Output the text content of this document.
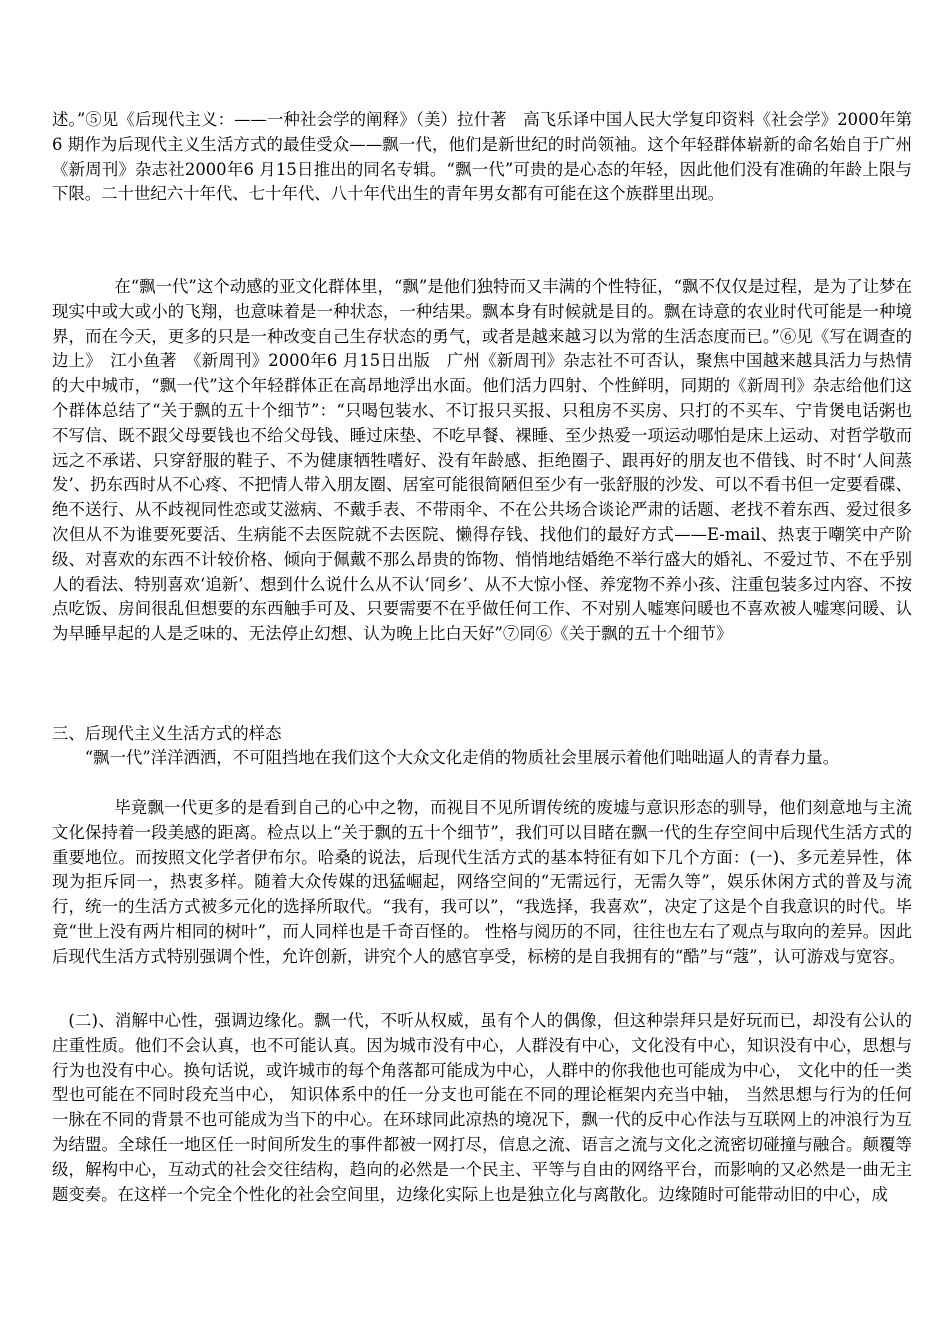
述。”⑤见《后现代主义：——一种社会学的阐释》（美）拉什著　高飞乐译中国人民大学复印资料《社会学》2000年第6 期作为后现代主义生活方式的最佳受众——飘一代，他们是新世纪的时尚领袖。这个年轻群体崭新的命名始自于广州《新周刊》杂志社2000年6 月15日推出的同名专辑。“飘一代”可贵的是心态的年轻，因此他们没有准确的年龄上限与下限。二十世纪六十年代、七十年代、八十年代出生的青年男女都有可能在这个族群里出现。

在“飘一代”这个动感的亚文化群体里，“飘”是他们独特而又丰满的个性特征，“飘不仅仅是过程，是为了让梦在现实中或大或小的飞翔，也意味着是一种状态，一种结果。飘本身有时候就是目的。飘在诗意的农业时代可能是一种境界，而在今天，更多的只是一种改变自己生存状态的勇气，或者是越来越习以为常的生活态度而已。”⑥见《写在调查的边上》　江小鱼著　《新周刊》2000年6 月15日出版　广州《新周刊》杂志社不可否认，聚焦中国越来越具活力与热情的大中城市，“飘一代”这个年轻群体正在高昂地浮出水面。他们活力四射、个性鲜明，同期的《新周刊》杂志给他们这个群体总结了“关于飘的五十个细节”：“只喝包装水、不订报只买报、只租房不买房、只打的不买车、宁肯煲电话粥也不写信、既不跟父母要钱也不给父母钱、睡过床垫、不吃早餐、裸睡、至少热爱一项运动哪怕是床上运动、对哲学敬而远之不承诺、只穿舒服的鞋子、不为健康牺牲嗜好、没有年龄感、拒绝圈子、跟再好的朋友也不借钱、时不时‘人间蒸发’、扔东西时从不心疼、不把情人带入朋友圈、居室可能很简陋但至少有一张舒服的沙发、可以不看书但一定要看碟、绝不送行、从不歧视同性恋或艾滋病、不戴手表、不带雨伞、不在公共场合谈论严肃的话题、老找不着东西、爱过很多次但从不为谁要死要活、生病能不去医院就不去医院、懒得存钱、找他们的最好方式——E-mail、热衷于嘲笑中产阶级、对喜欢的东西不计较价格、倾向于佩戴不那么昂贵的饰物、悄悄地结婚绝不举行盛大的婚礼、不爱过节、不在乎别人的看法、特别喜欢‘追新’、想到什么说什么从不认‘同乡’、从不大惊小怪、养宠物不养小孩、注重包装多过内容、不按点吃饭、房间很乱但想要的东西触手可及、只要需要不在乎做任何工作、不对别人嘘寒问暖也不喜欢被人嘘寒问暖、认为早睡早起的人是乏味的、无法停止幻想、认为晚上比白天好”⑦同⑥《关于飘的五十个细节》

三、后现代主义生活方式的样态

“飘一代”洋洋洒洒，不可阻挡地在我们这个大众文化走俏的物质社会里展示着他们咄咄逼人的青春力量。

毕竟飘一代更多的是看到自己的心中之物，而视目不见所谓传统的废墟与意识形态的驯导，他们刻意地与主流文化保持着一段美感的距离。检点以上“关于飘的五十个细节”，我们可以目睹在飘一代的生存空间中后现代生活方式的重要地位。而按照文化学者伊布尔。哈桑的说法，后现代生活方式的基本特征有如下几个方面：(一)、多元差异性，体现为拒斥同一，热衷多样。随着大众传媒的迅猛崛起，网络空间的“无需远行，无需久等”，娱乐休闲方式的普及与流行，统一的生活方式被多元化的选择所取代。“我有，我可以”，“我选择，我喜欢”，决定了这是个自我意识的时代。毕竟“世上没有两片相同的树叶”，而人同样也是千奇百怪的。 性格与阅历的不同，往往也左右了观点与取向的差异。因此后现代生活方式特别强调个性，允许创新，讲究个人的感官享受，标榜的是自我拥有的“酷”与“蔻”，认可游戏与宽容。

(二)、消解中心性，强调边缘化。飘一代，不听从权威，虽有个人的偶像，但这种崇拜只是好玩而已，却没有公认的庄重性质。他们不会认真，也不可能认真。因为城市没有中心，人群没有中心，文化没有中心，知识没有中心，思想与行为也没有中心。换句话说，或许城市的每个角落都可能成为中心，人群中的你我他也可能成为中心， 文化中的任一类型也可能在不同时段充当中心， 知识体系中的任一分支也可能在不同的理论框架内充当中轴， 当然思想与行为的任何一脉在不同的背景不也可能成为当下的中心。在环球同此凉热的境况下，飘一代的反中心作法与互联网上的冲浪行为互为结盟。全球任一地区任一时间所发生的事件都被一网打尽，信息之流、语言之流与文化之流密切碰撞与融合。颠覆等级，解构中心，互动式的社会交往结构，趋向的必然是一个民主、平等与自由的网络平台，而影响的又必然是一曲无主题变奏。在这样一个完全个性化的社会空间里，边缘化实际上也是独立化与离散化。边缘随时可能带动旧的中心，成
